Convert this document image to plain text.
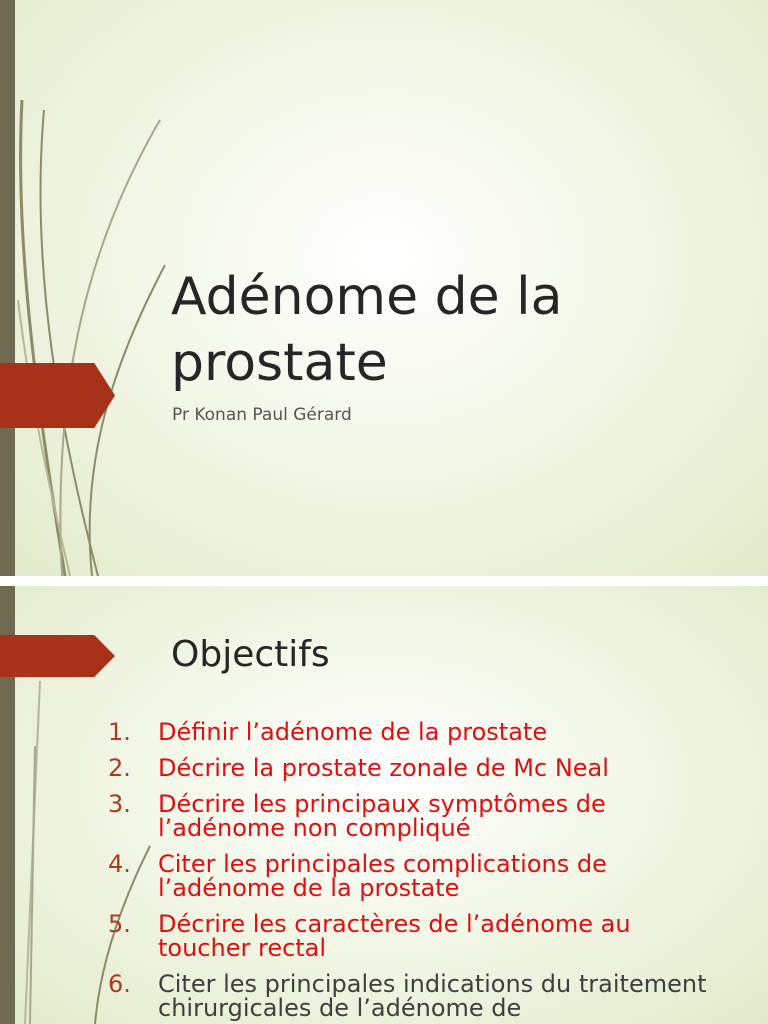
Adénome de la prostate
Pr Konan Paul Gérard
Objectifs
1. Définir l’adénome de la prostate
2. Décrire la prostate zonale de Mc Neal
3. Décrire les principaux symptômes de l’adénome non compliqué
4. Citer les principales complications de l’adénome de la prostate
5. Décrire les caractères de l’adénome au toucher rectal
6. Citer les principales indications du traitement chirurgicales de l’adénome de
